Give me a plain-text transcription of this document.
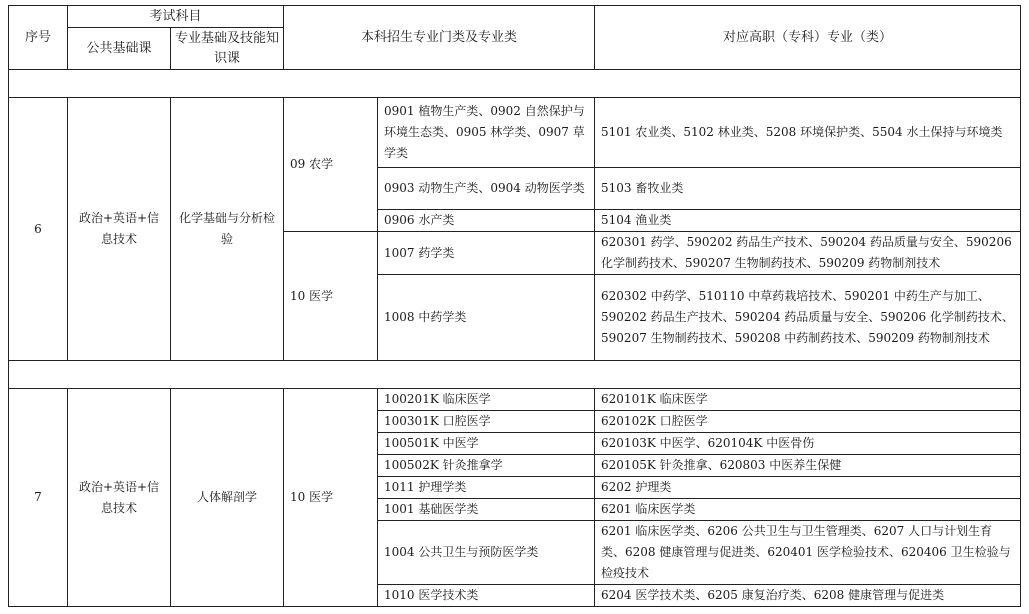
序号	考试科目		本科招生专业门类及专业类		对应高职（专科）专业（类）
	公共基础课	专业基础及技能知识课			

6	政治+英语+信息技术	化学基础与分析检验	09 农学	0901 植物生产类、0902 自然保护与环境生态类、0905 林学类、0907 草学类	5101 农业类、5102 林业类、5208 环境保护类、5504 水土保持与环境类
				0903 动物生产类、0904 动物医学类	5103 畜牧业类
				0906 水产类	5104 渔业类
			10 医学	1007 药学类	620301 药学、590202 药品生产技术、590204 药品质量与安全、590206 化学制药技术、590207 生物制药技术、590209 药物制剂技术
				1008 中药学类	620302 中药学、510110 中草药栽培技术、590201 中药生产与加工、590202 药品生产技术、590204 药品质量与安全、590206 化学制药技术、590207 生物制药技术、590208 中药制药技术、590209 药物制剂技术

7	政治+英语+信息技术	人体解剖学	10 医学	100201K 临床医学	620101K 临床医学
				100301K 口腔医学	620102K 口腔医学
				100501K 中医学	620103K 中医学、620104K 中医骨伤
				100502K 针灸推拿学	620105K 针灸推拿、620803 中医养生保健
				1011 护理学类	6202 护理类
				1001 基础医学类	6201 临床医学类
				1004 公共卫生与预防医学类	6201 临床医学类、6206 公共卫生与卫生管理类、6207 人口与计划生育类、6208 健康管理与促进类、620401 医学检验技术、620406 卫生检验与检疫技术
				1010 医学技术类	6204 医学技术类、6205 康复治疗类、6208 健康管理与促进类
